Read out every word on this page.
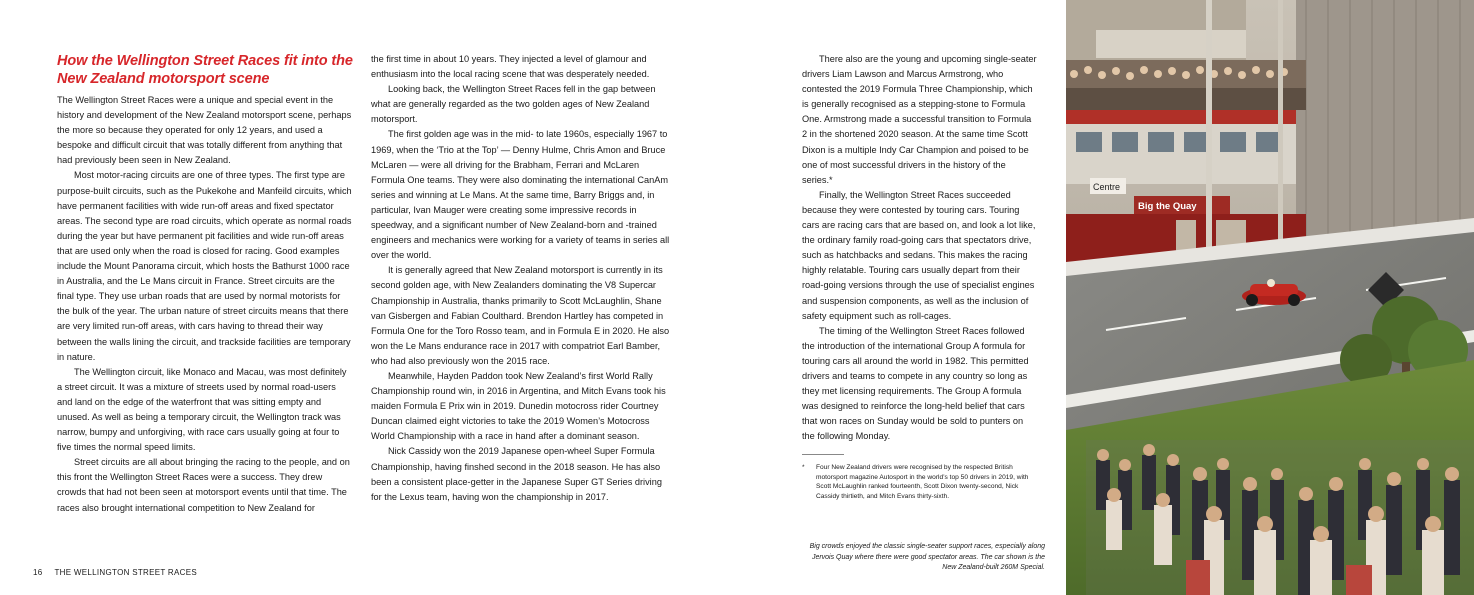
How the Wellington Street Races fit into the New Zealand motorsport scene

The Wellington Street Races were a unique and special event in the history and development of the New Zealand motorsport scene, perhaps the more so because they operated for only 12 years, and used a bespoke and difficult circuit that was totally different from anything that had previously been seen in New Zealand.

Most motor-racing circuits are one of three types. The first type are purpose-built circuits, such as the Pukekohe and Manfeild circuits, which have permanent facilities with wide run-off areas and fixed spectator areas. The second type are road circuits, which operate as normal roads during the year but have permanent pit facilities and wide run-off areas that are used only when the road is closed for racing. Good examples include the Mount Panorama circuit, which hosts the Bathurst 1000 race in Australia, and the Le Mans circuit in France. Street circuits are the final type. They use urban roads that are used by normal motorists for the bulk of the year. The urban nature of street circuits means that there are very limited run-off areas, with cars having to thread their way between the walls lining the circuit, and trackside facilities are temporary in nature.

The Wellington circuit, like Monaco and Macau, was most definitely a street circuit. It was a mixture of streets used by normal road-users and land on the edge of the waterfront that was sitting empty and unused. As well as being a temporary circuit, the Wellington track was narrow, bumpy and unforgiving, with race cars usually going at four to five times the normal speed limits.

Street circuits are all about bringing the racing to the people, and on this front the Wellington Street Races were a success. They drew crowds that had not been seen at motorsport events until that time. The races also brought international competition to New Zealand for

the first time in about 10 years. They injected a level of glamour and enthusiasm into the local racing scene that was desperately needed.

Looking back, the Wellington Street Races fell in the gap between what are generally regarded as the two golden ages of New Zealand motorsport.

The first golden age was in the mid- to late 1960s, especially 1967 to 1969, when the ‘Trio at the Top’ — Denny Hulme, Chris Amon and Bruce McLaren — were all driving for the Brabham, Ferrari and McLaren Formula One teams. They were also dominating the international CanAm series and winning at Le Mans. At the same time, Barry Briggs and, in particular, Ivan Mauger were creating some impressive records in speedway, and a significant number of New Zealand-born and -trained engineers and mechanics were working for a variety of teams in series all over the world.

It is generally agreed that New Zealand motorsport is currently in its second golden age, with New Zealanders dominating the V8 Supercar Championship in Australia, thanks primarily to Scott McLaughlin, Shane van Gisbergen and Fabian Coulthard. Brendon Hartley has competed in Formula One for the Toro Rosso team, and in Formula E in 2020. He also won the Le Mans endurance race in 2017 with compatriot Earl Bamber, who had also previously won the 2015 race.

Meanwhile, Hayden Paddon took New Zealand’s first World Rally Championship round win, in 2016 in Argentina, and Mitch Evans took his maiden Formula E Prix win in 2019. Dunedin motocross rider Courtney Duncan claimed eight victories to take the 2019 Women’s Motocross World Championship with a race in hand after a dominant season.

Nick Cassidy won the 2019 Japanese open-wheel Super Formula Championship, having finshed second in the 2018 season. He has also been a consistent place-getter in the Japanese Super GT Series driving for the Lexus team, having won the championship in 2017.

There also are the young and upcoming single-seater drivers Liam Lawson and Marcus Armstrong, who contested the 2019 Formula Three Championship, which is generally recognised as a stepping-stone to Formula One. Armstrong made a successful transition to Formula 2 in the shortened 2020 season. At the same time Scott Dixon is a multiple Indy Car Champion and poised to be one of most successful drivers in the history of the series.*

Finally, the Wellington Street Races succeeded because they were contested by touring cars. Touring cars are racing cars that are based on, and look a lot like, the ordinary family road-going cars that spectators drive, such as hatchbacks and sedans. This makes the racing highly relatable. Touring cars usually depart from their road-going versions through the use of specialist engines and suspension components, as well as the inclusion of safety equipment such as roll-cages.

The timing of the Wellington Street Races followed the introduction of the international Group A formula for touring cars all around the world in 1982. This permitted drivers and teams to compete in any country so long as they met licensing requirements. The Group A formula was designed to reinforce the long-held belief that cars that won races on Sunday would be sold to punters on the following Monday.

* Four New Zealand drivers were recognised by the respected British motorsport magazine Autosport in the world’s top 50 drivers in 2019, with Scott McLaughlin ranked fourteenth, Scott Dixon twenty-second, Nick Cassidy thirtieth, and Mitch Evans thirty-sixth.
Big crowds enjoyed the classic single-seater support races, especially along Jervois Quay where there were good spectator areas. The car shown is the New Zealand-built 260M Special.
16 THE WELLINGTON STREET RACES
Centre
Big the Quay
